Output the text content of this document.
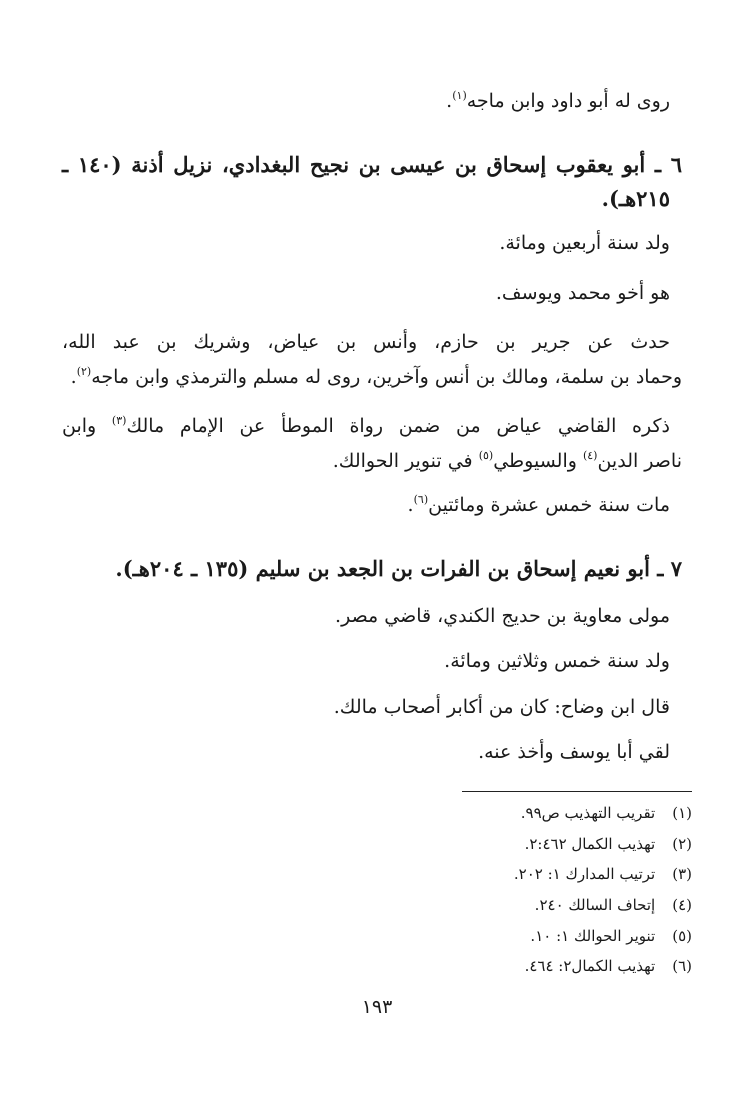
روى له أبو داود وابن ماجه$^{(١)}$.
٦ ـ أبو يعقوب إسحاق بن عيسى بن نجيح البغدادي، نزيل أذنة (١٤٠ ـ
٢١٥هـ).
ولد سنة أربعين ومائة.
هو أخو محمد ويوسف.
حدث عن جرير بن حازم، وأنس بن عياض، وشريك بن عبد الله،
وحماد بن سلمة، ومالك بن أنس وآخرين، روى له مسلم والترمذي وابن ماجه$^{(٢)}$.
ذكره القاضي عياض من ضمن رواة الموطأ عن الإمام مالك$^{(٣)}$ وابن
ناصر الدين$^{(٤)}$ والسيوطي$^{(٥)}$ في تنوير الحوالك.
مات سنة خمس عشرة ومائتين$^{(٦)}$.
٧ ـ أبو نعيم إسحاق بن الفرات بن الجعد بن سليم (١٣٥ ـ ٢٠٤هـ).
مولى معاوية بن حديج الكندي، قاضي مصر.
ولد سنة خمس وثلاثين ومائة.
قال ابن وضاح: كان من أكابر أصحاب مالك.
لقي أبا يوسف وأخذ عنه.
(١) تقريب التهذيب ص٩٩.
(٢) تهذيب الكمال ٢:٤٦٢.
(٣) ترتيب المدارك ١: ٢٠٢.
(٤) إتحاف السالك ٢٤٠.
(٥) تنوير الحوالك ١: ١٠.
(٦) تهذيب الكمال٢: ٤٦٤.
١٩٣
